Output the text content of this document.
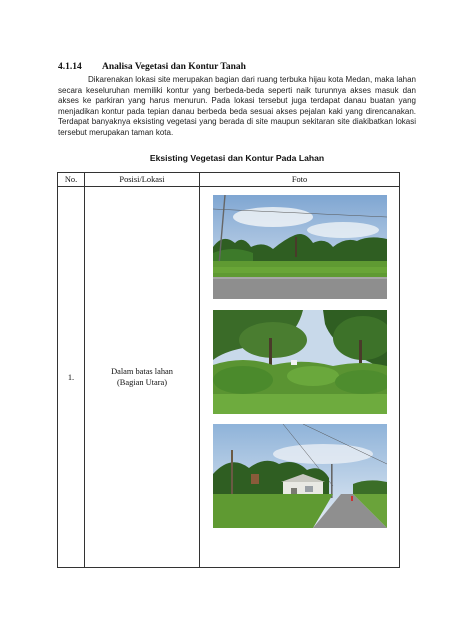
4.1.14 Analisa Vegetasi dan Kontur Tanah

Dikarenakan lokasi site merupakan bagian dari ruang terbuka hijau kota Medan, maka lahan secara keseluruhan memiliki kontur yang berbeda-beda seperti naik turunnya akses masuk dan akses ke parkiran yang harus menurun. Pada lokasi tersebut juga terdapat danau buatan yang menjadikan kontur pada tepian danau berbeda beda sesuai akses pejalan kaki yang direncanakan. Terdapat banyaknya eksisting vegetasi yang berada di site maupun sekitaran site diakibatkan lokasi tersebut merupakan taman kota.

Eksisting Vegetasi dan Kontur Pada Lahan
No.	Posisi/Lokasi	Foto
1.	Dalam batas lahan
(Bagian Utara)
